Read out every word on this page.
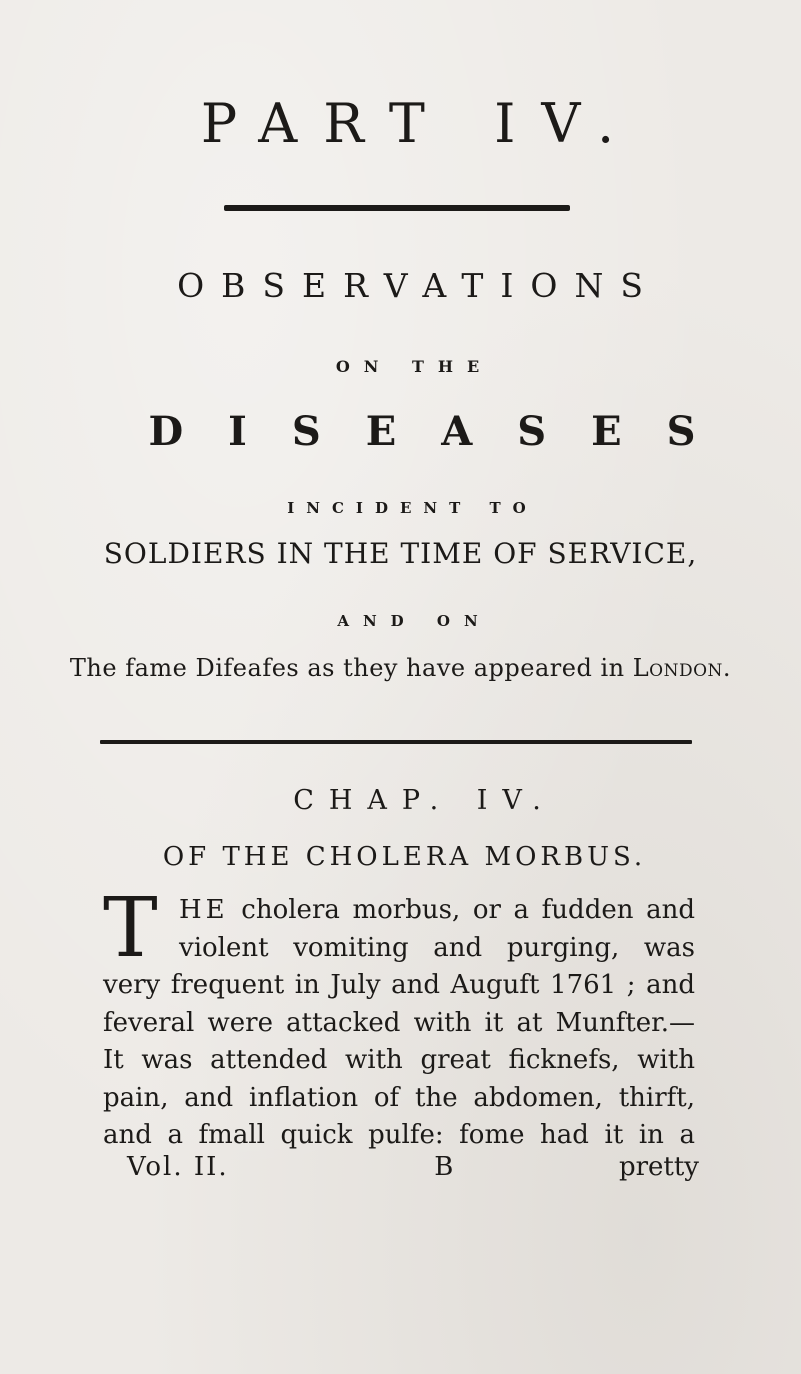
PART IV.
OBSERVATIONS
ON THE
DISEASES
INCIDENT TO
SOLDIERS IN THE TIME OF SERVICE,
AND ON
The fame Difeafes as they have appeared in London.
CHAP. IV.
OF THE CHOLERA MORBUS.
T HE cholera morbus, or a fudden and
violent vomiting and purging, was
very frequent in July and Auguft 1761 ; and
feveral were attacked with it at Munfter.—
It was attended with great ficknefs, with
pain, and inflation of the abdomen, thirft,
and a fmall quick pulfe: fome had it in a
Vol. II.	B	pretty
